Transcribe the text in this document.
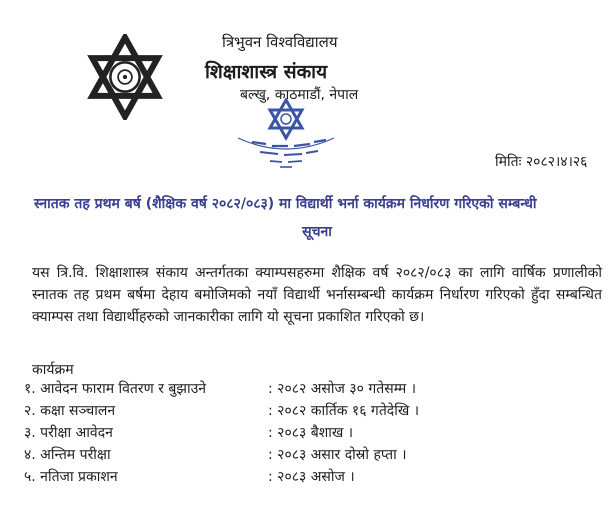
त्रिभुवन विश्वविद्यालय
शिक्षाशास्त्र संकाय
बल्खु, काठमाडौं, नेपाल
मितिः २०८२।४।२६
स्नातक तह प्रथम बर्ष (शैक्षिक वर्ष २०८२/०८३) मा विद्यार्थी भर्ना कार्यक्रम निर्धारण गरिएको सम्बन्धी
सूचना
यस त्रि.वि. शिक्षाशास्त्र संकाय अन्तर्गतका क्याम्पसहरुमा शैक्षिक वर्ष २०८२/०८३ का लागि वार्षिक प्रणालीको स्नातक तह प्रथम बर्षमा देहाय बमोजिमको नयाँ विद्यार्थी भर्नासम्बन्धी कार्यक्रम निर्धारण गरिएको हुँदा सम्बन्धित क्याम्पस तथा विद्यार्थीहरुको जानकारीका लागि यो सूचना प्रकाशित गरिएको छ।
कार्यक्रम
१. आवेदन फाराम वितरण र बुझाउने	: २०८२ असोज ३० गतेसम्म ।
२. कक्षा सञ्चालन	: २०८२ कार्तिक १६ गतेदेखि ।
३. परीक्षा आवेदन	: २०८३ बैशाख ।
४. अन्तिम परीक्षा	: २०८३ असार दोस्रो हप्ता ।
५. नतिजा प्रकाशन	: २०८३ असोज ।
